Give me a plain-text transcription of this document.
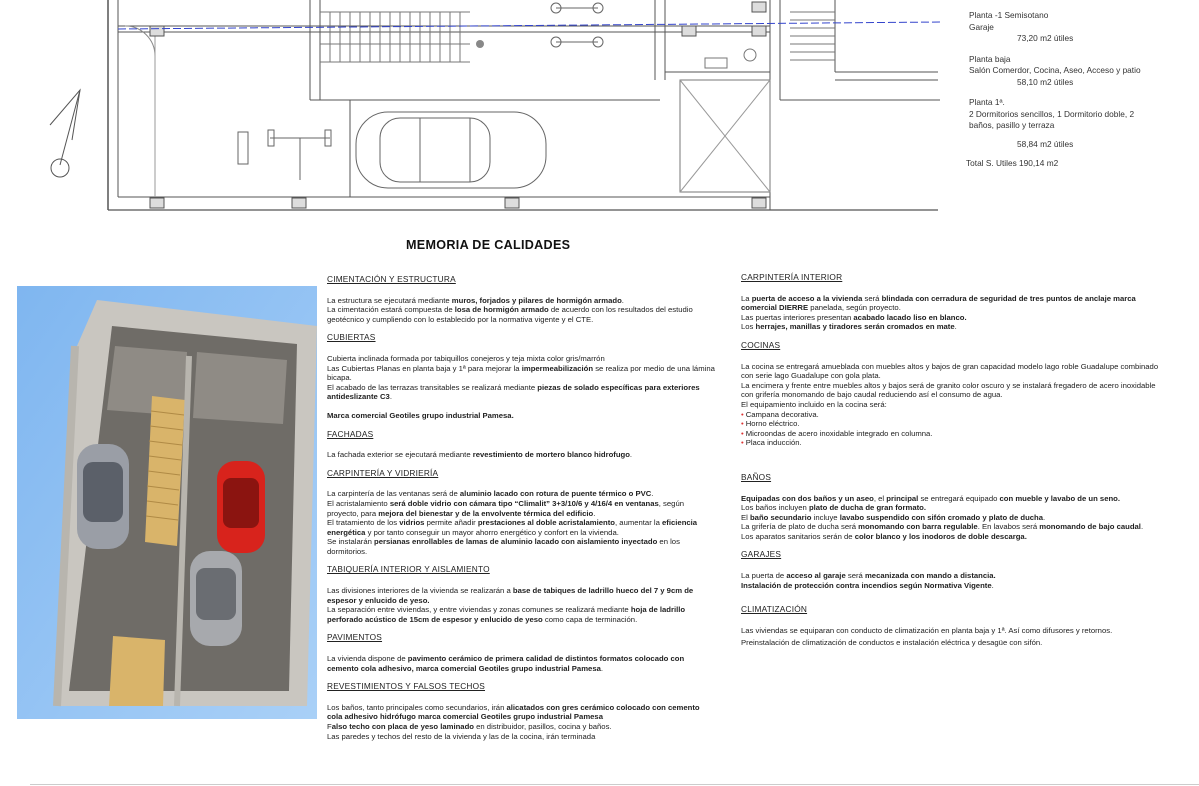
Planta -1 Semisotano
Garaje
73,20 m2 útiles
Planta baja
Salón Comerdor, Cocina, Aseo, Acceso y patio
58,10 m2 útiles
Planta 1ª.
2 Dormitorios sencillos, 1 Dormitorio doble, 2
baños, pasillo y terraza
58,84 m2 útiles
Total S. Utiles 190,14 m2
MEMORIA DE CALIDADES
CIMENTACIÓN Y ESTRUCTURA

La estructura se ejecutará mediante muros, forjados y pilares de hormigón armado.

La cimentación estará compuesta de losa de hormigón armado de acuerdo con los resultados del estudio geotécnico y cumpliendo con lo establecido por la normativa vigente y el CTE.

CUBIERTAS

Cubierta inclinada formada por tabiquillos conejeros y teja mixta color gris/marrón

Las Cubiertas Planas en planta baja y 1ª para mejorar la impermeabilización se realiza por medio de una lámina bicapa.

El acabado de las terrazas transitables se realizará mediante piezas de solado específicas para exteriores antideslizante C3.

Marca comercial Geotiles grupo industrial Pamesa.

FACHADAS

La fachada exterior se ejecutará mediante revestimiento de mortero blanco hidrofugo.

CARPINTERÍA Y VIDRIERÍA

La carpintería de las ventanas será de aluminio lacado con rotura de puente térmico o PVC.

El acristalamiento será doble vidrio con cámara tipo “Climalit” 3+3/10/6 y 4/16/4 en ventanas, según proyecto, para mejora del bienestar y de la envolvente térmica del edificio.

El tratamiento de los vidrios permite añadir prestaciones al doble acristalamiento, aumentar la eficiencia energética y por tanto conseguir un mayor ahorro energético y confort en la vivienda.

Se instalarán persianas enrollables de lamas de aluminio lacado con aislamiento inyectado en los dormitorios.

TABIQUERÍA INTERIOR Y AISLAMIENTO

Las divisiones interiores de la vivienda se realizarán a base de tabiques de ladrillo hueco del 7 y 9cm de espesor y enlucido de yeso.

La separación entre viviendas, y entre viviendas y zonas comunes se realizará mediante hoja de ladrillo perforado acústico de 15cm de espesor y enlucido de yeso como capa de terminación.

PAVIMENTOS

La vivienda dispone de pavimento cerámico de primera calidad de distintos formatos colocado con cemento cola adhesivo, marca comercial Geotiles grupo industrial Pamesa.

REVESTIMIENTOS Y FALSOS TECHOS

Los baños, tanto principales como secundarios, irán alicatados con gres cerámico colocado con cemento cola adhesivo hidrófugo marca comercial Geotiles grupo industrial Pamesa

Falso techo con placa de yeso laminado en distribuidor, pasillos, cocina y baños.

Las paredes y techos del resto de la vivienda y las de la cocina, irán terminada

CARPINTERÍA INTERIOR

La puerta de acceso a la vivienda será blindada con cerradura de seguridad de tres puntos de anclaje marca comercial DIERRE panelada, según proyecto.

Las puertas interiores presentan acabado lacado liso en blanco.

Los herrajes, manillas y tiradores serán cromados en mate.

COCINAS

La cocina se entregará amueblada con muebles altos y bajos de gran capacidad modelo lago roble Guadalupe combinado con serie lago Guadalupe con gola plata.

La encimera y frente entre muebles altos y bajos será de granito color oscuro y se instalará fregadero de acero inoxidable con grifería monomando de bajo caudal reduciendo así el consumo de agua.

El equipamiento incluido en la cocina será:

• Campana decorativa.

• Horno eléctrico.

• Microondas de acero inoxidable integrado en columna.

• Placa inducción.

BAÑOS

Equipadas con dos baños y un aseo, el principal se entregará equipado con mueble y lavabo de un seno.

Los baños incluyen plato de ducha de gran formato.

El baño secundario incluye lavabo suspendido con sifón cromado y plato de ducha.

La grifería de plato de ducha será monomando con barra regulable. En lavabos será monomando de bajo caudal.

Los aparatos sanitarios serán de color blanco y los inodoros de doble descarga.

GARAJES

La puerta de acceso al garaje será mecanizada con mando a distancia.

Instalación de protección contra incendios según Normativa Vigente.

CLIMATIZACIÓN

Las viviendas se equiparan con conducto de climatización en planta baja y 1ª. Así como difusores y retornos.

Preinstalación de climatización de conductos e instalación eléctrica y desagüe con sifón.
